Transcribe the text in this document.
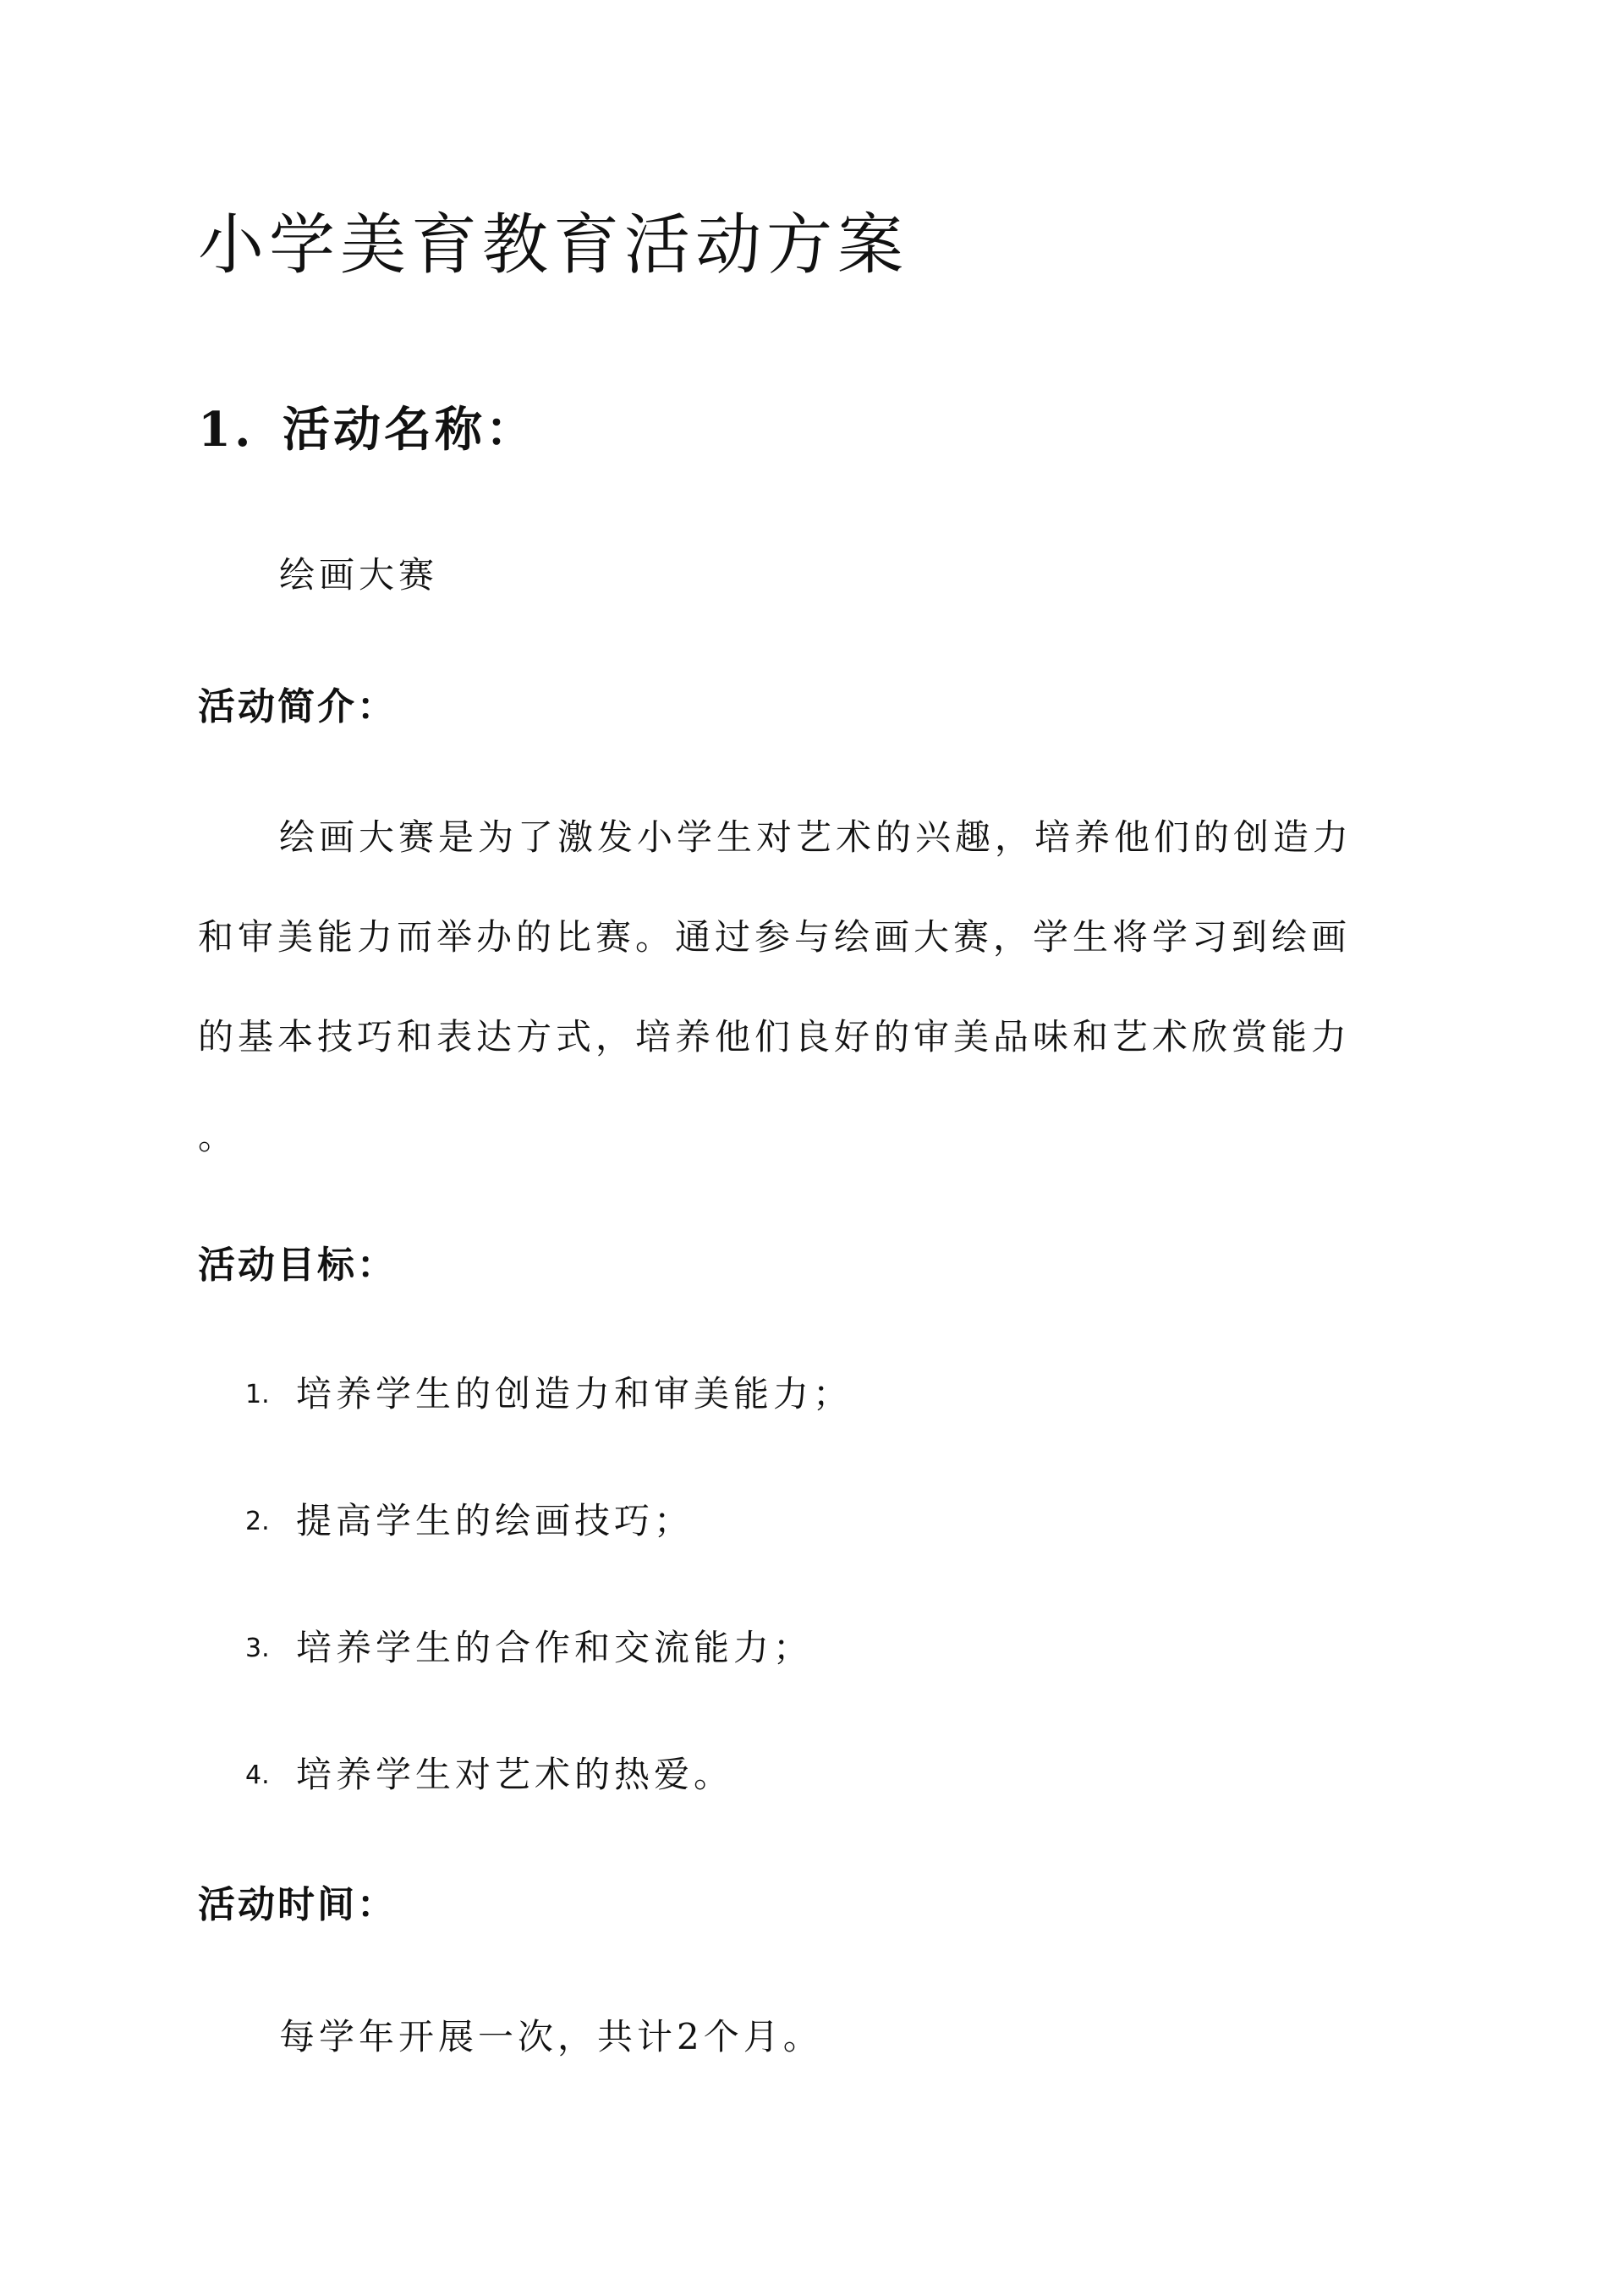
小学美育教育活动方案
1. 活动名称：

绘画大赛

活动简介：
绘画大赛是为了激发小学生对艺术的兴趣，培养他们的创造力
和审美能力而举办的比赛。通过参与绘画大赛，学生将学习到绘画
的基本技巧和表达方式，培养他们良好的审美品味和艺术欣赏能力
。
活动目标：
1. 培养学生的创造力和审美能力；
2. 提高学生的绘画技巧；
3. 培养学生的合作和交流能力；
4. 培养学生对艺术的热爱。
活动时间：

每学年开展一次，共计2个月。
